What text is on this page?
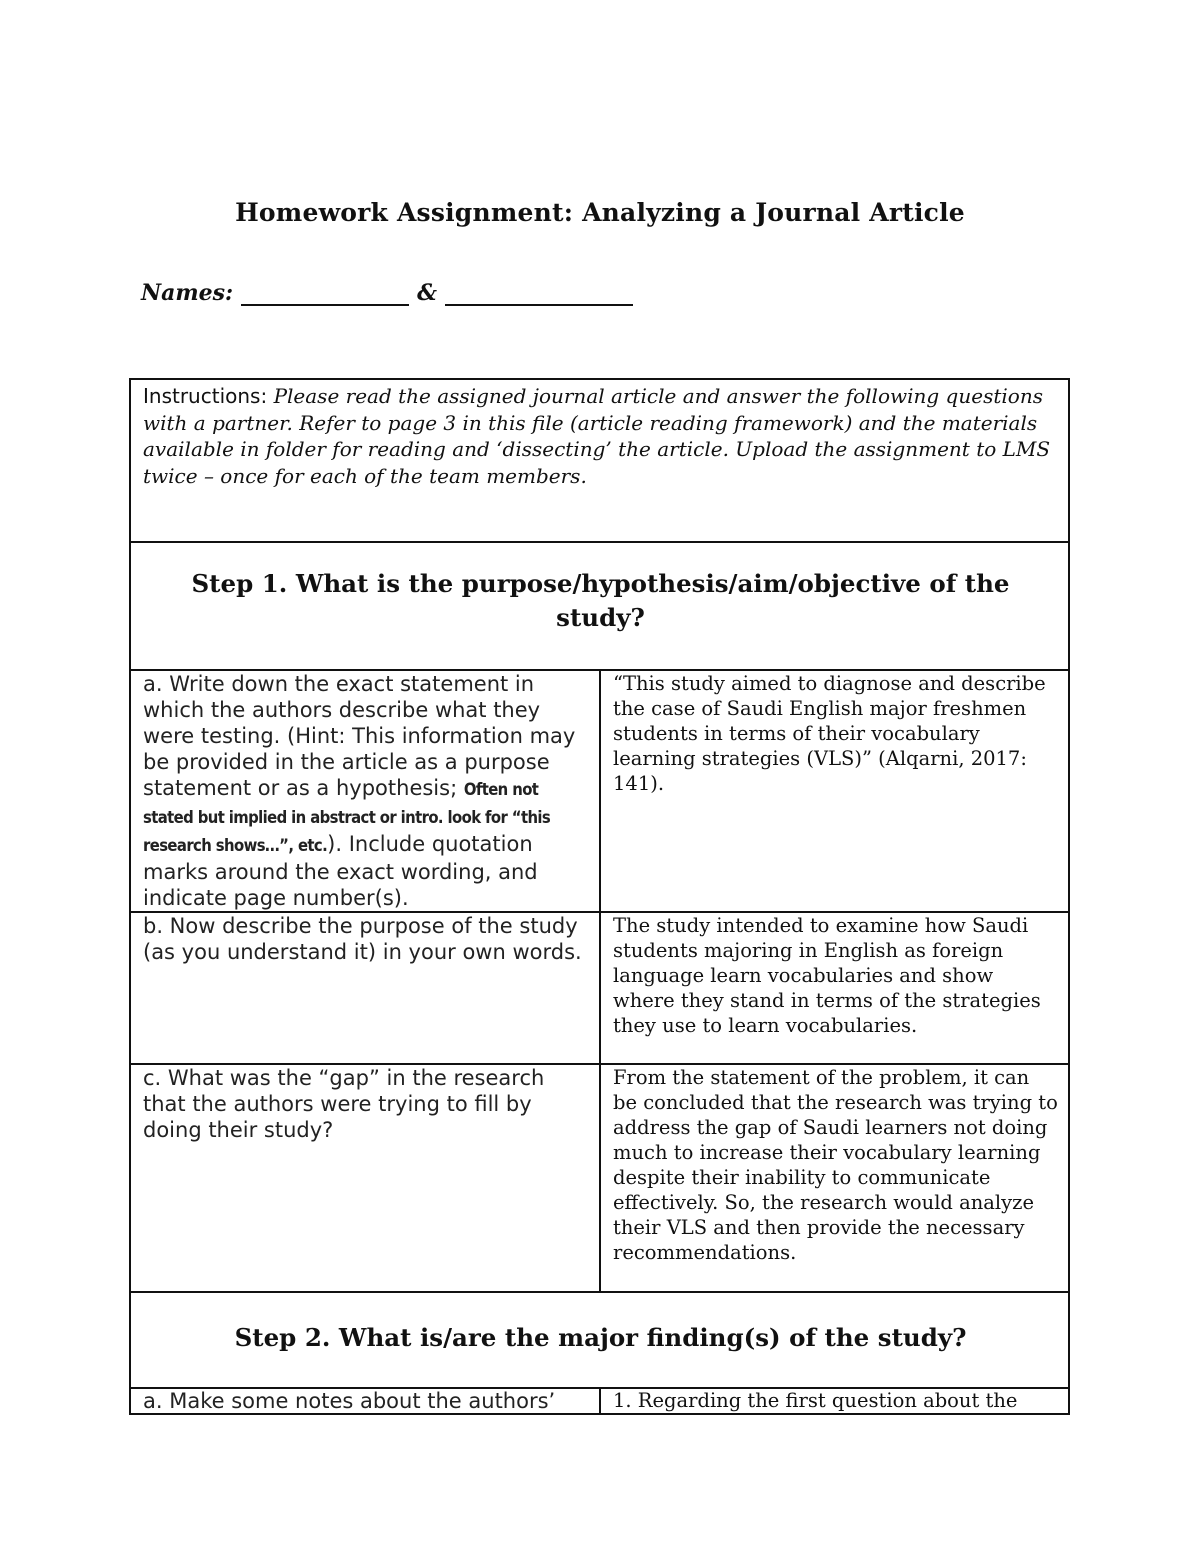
Homework Assignment: Analyzing a Journal Article
Names:	&
Instructions: Please read the assigned journal article and answer the following questions with a partner. Refer to page 3 in this file (article reading framework) and the materials available in folder for reading and ‘dissecting’ the article. Upload the assignment to LMS twice – once for each of the team members.	
Step 1. What is the purpose/hypothesis/aim/objective of the study?	
a. Write down the exact statement in which the authors describe what they were testing. (Hint: This information may be provided in the article as a purpose statement or as a hypothesis; Often not stated but implied in abstract or intro. look for “this research shows…”, etc.). Include quotation marks around the exact wording, and indicate page number(s).	“This study aimed to diagnose and describe the case of Saudi English major freshmen students in terms of their vocabulary learning strategies (VLS)” (Alqarni, 2017: 141).
b. Now describe the purpose of the study (as you understand it) in your own words.	The study intended to examine how Saudi students majoring in English as foreign language learn vocabularies and show where they stand in terms of the strategies they use to learn vocabularies.
c. What was the “gap” in the research that the authors were trying to fill by doing their study?	From the statement of the problem, it can be concluded that the research was trying to address the gap of Saudi learners not doing much to increase their vocabulary learning despite their inability to communicate effectively. So, the research would analyze their VLS and then provide the necessary recommendations.
Step 2. What is/are the major finding(s) of the study?	
a. Make some notes about the authors’	1. Regarding the first question about the
